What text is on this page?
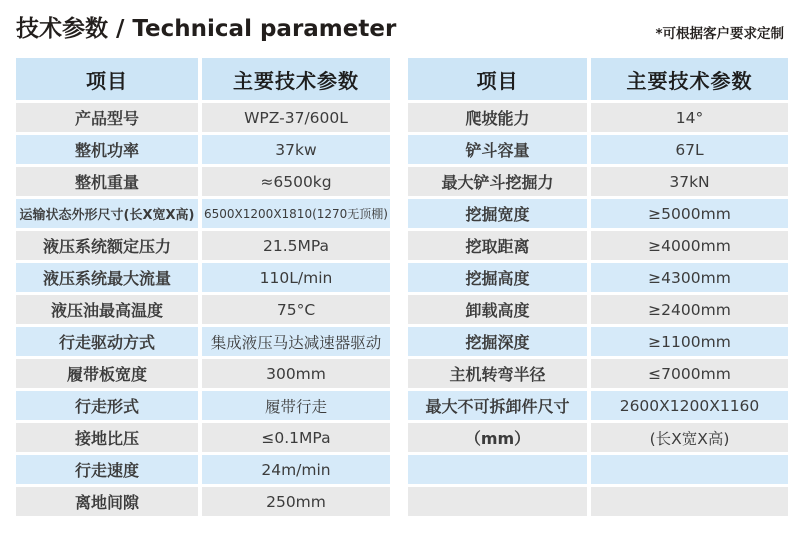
技术参数 / Technical parameter	*可根据客户要求定制
项目	主要技术参数
产品型号	WPZ-37/600L
整机功率	37kw
整机重量	≈6500kg
运输状态外形尺寸(长X宽X高) 6500X1200X1810(1270无顶棚)
液压系统额定压力	21.5MPa
液压系统最大流量	110L/min
液压油最高温度	75°C
行走驱动方式	集成液压马达减速器驱动
履带板宽度	300mm
行走形式	履带行走
接地比压	≤0.1MPa
行走速度	24m/min
离地间隙	250mm
项目	主要技术参数
爬坡能力	14°
铲斗容量	67L
最大铲斗挖掘力	37kN
挖掘宽度	≥5000mm
挖取距离	≥4000mm
挖掘高度	≥4300mm
卸载高度	≥2400mm
挖掘深度	≥1100mm
主机转弯半径	≤7000mm
最大不可拆卸件尺寸	2600X1200X1160
（mm）	(长X宽X高)
